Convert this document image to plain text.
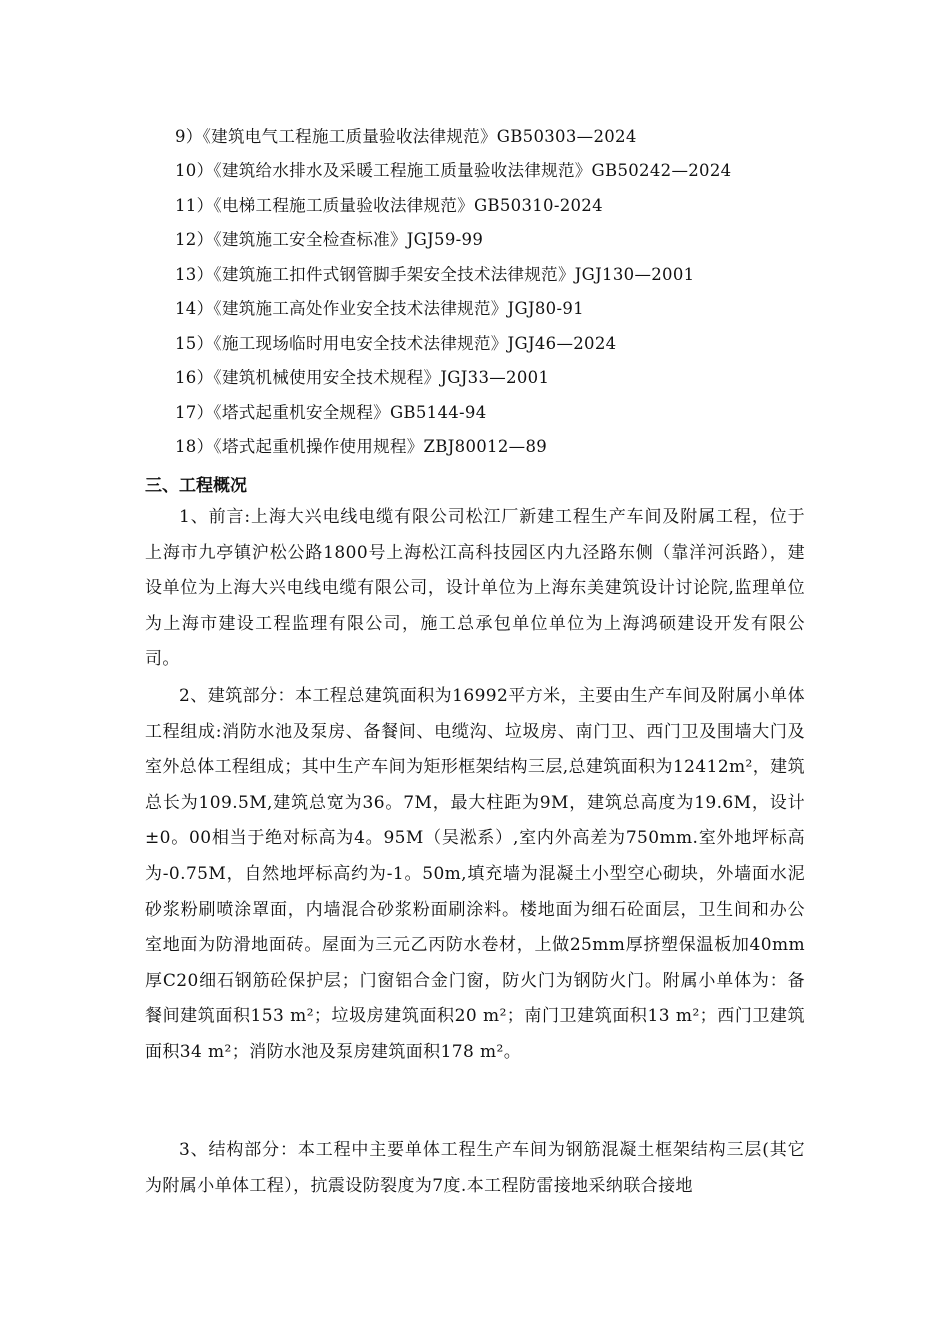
9）《建筑电气工程施工质量验收法律规范》GB50303—2024
10）《建筑给水排水及采暖工程施工质量验收法律规范》GB50242—2024
11）《电梯工程施工质量验收法律规范》GB50310-2024
12）《建筑施工安全检查标准》JGJ59-99
13）《建筑施工扣件式钢管脚手架安全技术法律规范》JGJ130—2001
14）《建筑施工高处作业安全技术法律规范》JGJ80-91
15）《施工现场临时用电安全技术法律规范》JGJ46—2024
16）《建筑机械使用安全技术规程》JGJ33—2001
17）《塔式起重机安全规程》GB5144-94
18）《塔式起重机操作使用规程》ZBJ80012—89
三、工程概况

1、前言:上海大兴电线电缆有限公司松江厂新建工程生产车间及附属工程，位于上海市九亭镇沪松公路1800号上海松江高科技园区内九泾路东侧（靠洋河浜路），建设单位为上海大兴电线电缆有限公司，设计单位为上海东美建筑设计讨论院,监理单位为上海市建设工程监理有限公司，施工总承包单位单位为上海鸿硕建设开发有限公司。

2、建筑部分：本工程总建筑面积为16992平方米，主要由生产车间及附属小单体工程组成:消防水池及泵房、备餐间、电缆沟、垃圾房、南门卫、西门卫及围墙大门及室外总体工程组成；其中生产车间为矩形框架结构三层,总建筑面积为12412m²，建筑总长为109.5M,建筑总宽为36。7M，最大柱距为9M，建筑总高度为19.6M，设计±0。00相当于绝对标高为4。95M（吴淞系）,室内外高差为750mm.室外地坪标高为-0.75M，自然地坪标高约为-1。50m,填充墙为混凝土小型空心砌块，外墙面水泥砂浆粉刷喷涂罩面，内墙混合砂浆粉面刷涂料。楼地面为细石砼面层，卫生间和办公室地面为防滑地面砖。屋面为三元乙丙防水卷材，上做25mm厚挤塑保温板加40mm厚C20细石钢筋砼保护层；门窗铝合金门窗，防火门为钢防火门。附属小单体为：备餐间建筑面积153 m²；垃圾房建筑面积20 m²；南门卫建筑面积13 m²；西门卫建筑面积34 m²；消防水池及泵房建筑面积178 m²。

3、结构部分：本工程中主要单体工程生产车间为钢筋混凝土框架结构三层(其它为附属小单体工程），抗震设防裂度为7度.本工程防雷接地采纳联合接地
